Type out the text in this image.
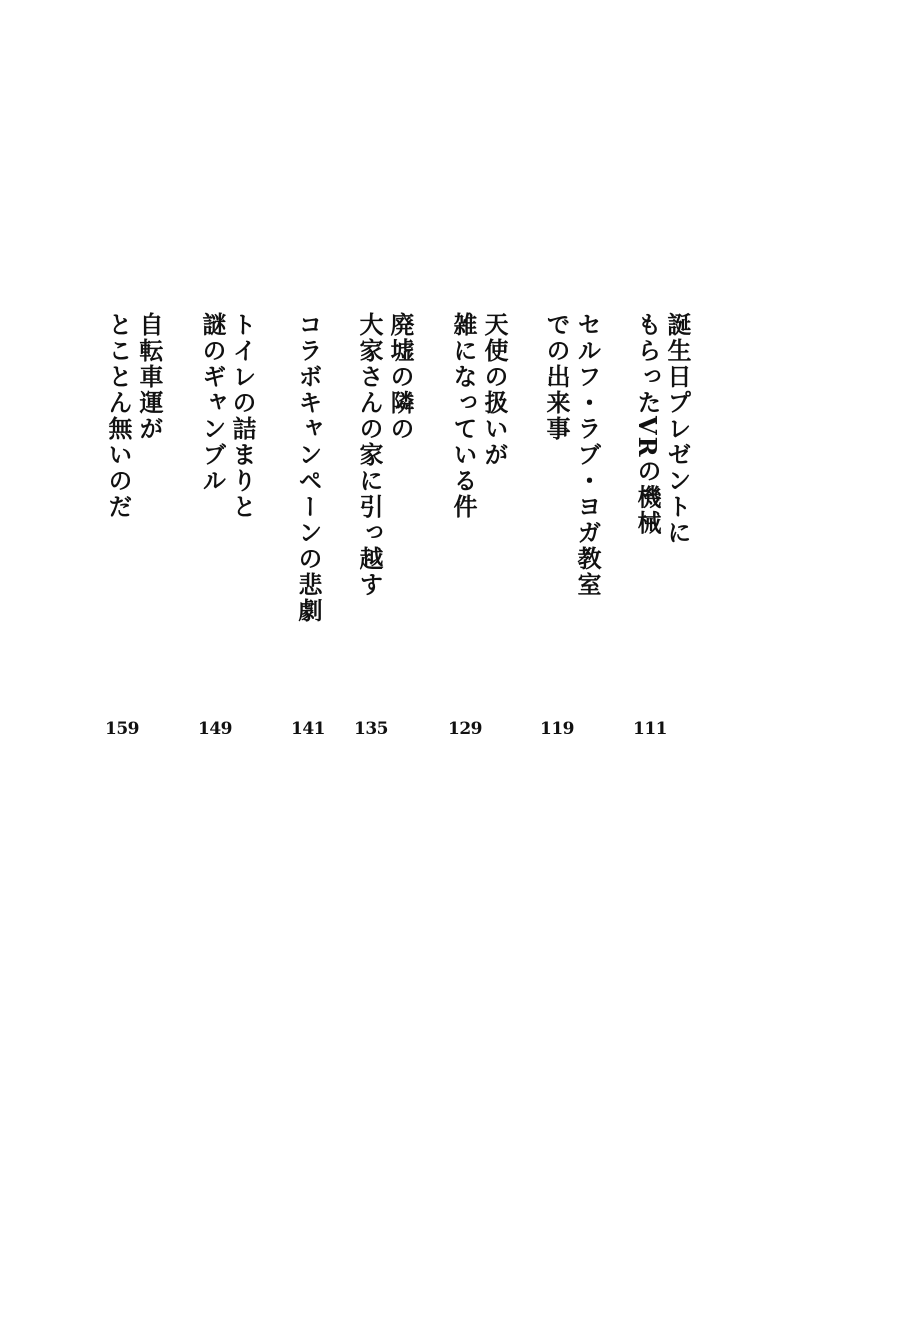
誕生日プレゼントに
もらったVRの機械
111
セルフ・ラブ・ヨガ教室
での出来事
119
天使の扱いが
雑になっている件
129
廃墟の隣の
大家さんの家に引っ越す
135
コラボキャンペーンの悲劇
141
トイレの詰まりと
謎のギャンブル
149
自転車運が
とことん無いのだ
159
